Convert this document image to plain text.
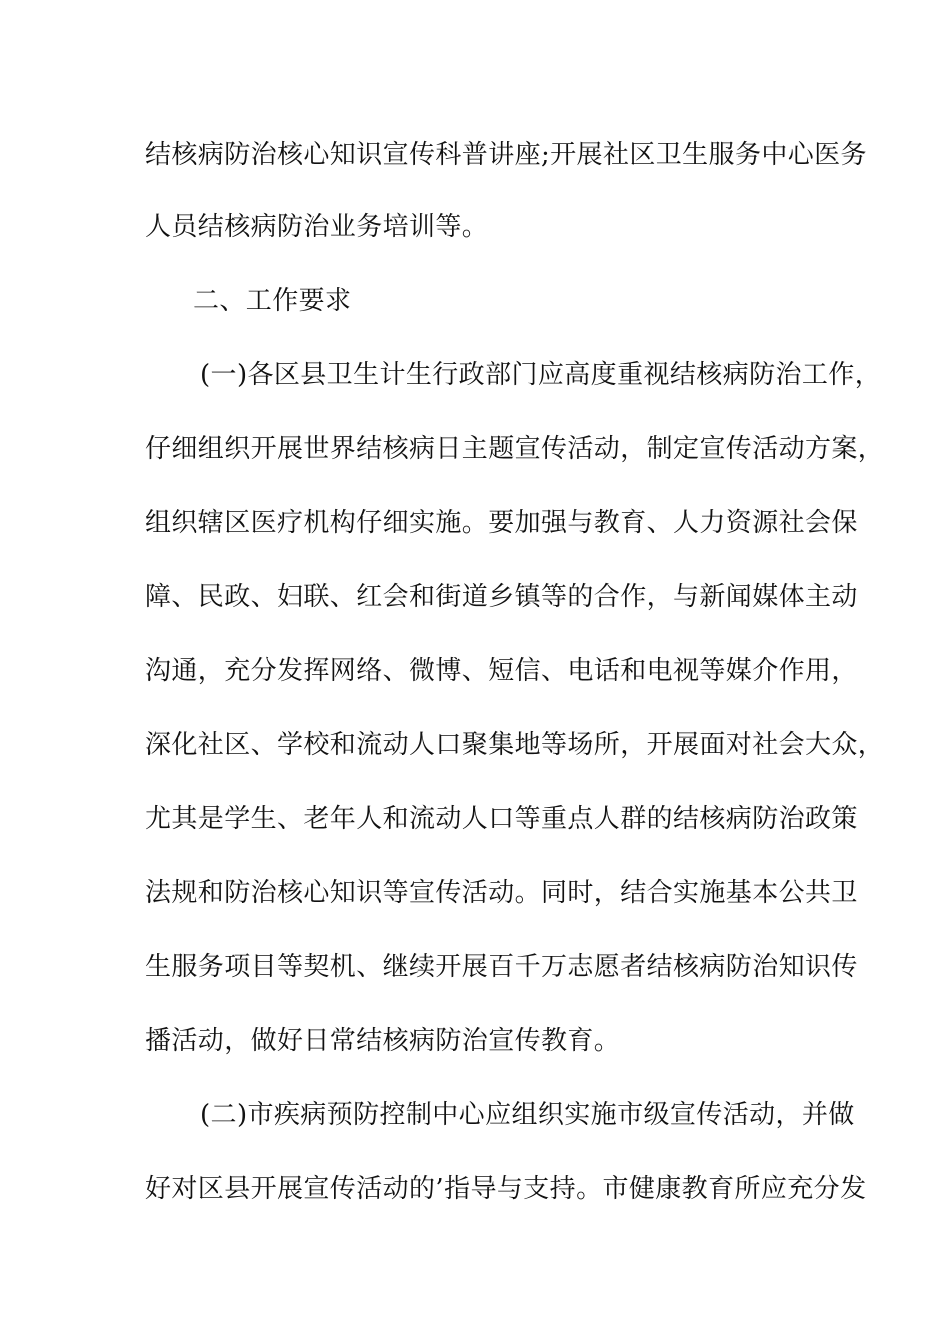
结核病防治核心知识宣传科普讲座;开展社区卫生服务中心医务
人员结核病防治业务培训等。
二、工作要求
(一)各区县卫生计生行政部门应高度重视结核病防治工作，
仔细组织开展世界结核病日主题宣传活动，制定宣传活动方案，
组织辖区医疗机构仔细实施。要加强与教育、人力资源社会保
障、民政、妇联、红会和街道乡镇等的合作，与新闻媒体主动
沟通，充分发挥网络、微博、短信、电话和电视等媒介作用，
深化社区、学校和流动人口聚集地等场所，开展面对社会大众，
尤其是学生、老年人和流动人口等重点人群的结核病防治政策
法规和防治核心知识等宣传活动。同时，结合实施基本公共卫
生服务项目等契机、继续开展百千万志愿者结核病防治知识传
播活动，做好日常结核病防治宣传教育。
(二)市疾病预防控制中心应组织实施市级宣传活动，并做
好对区县开展宣传活动的’指导与支持。市健康教育所应充分发
